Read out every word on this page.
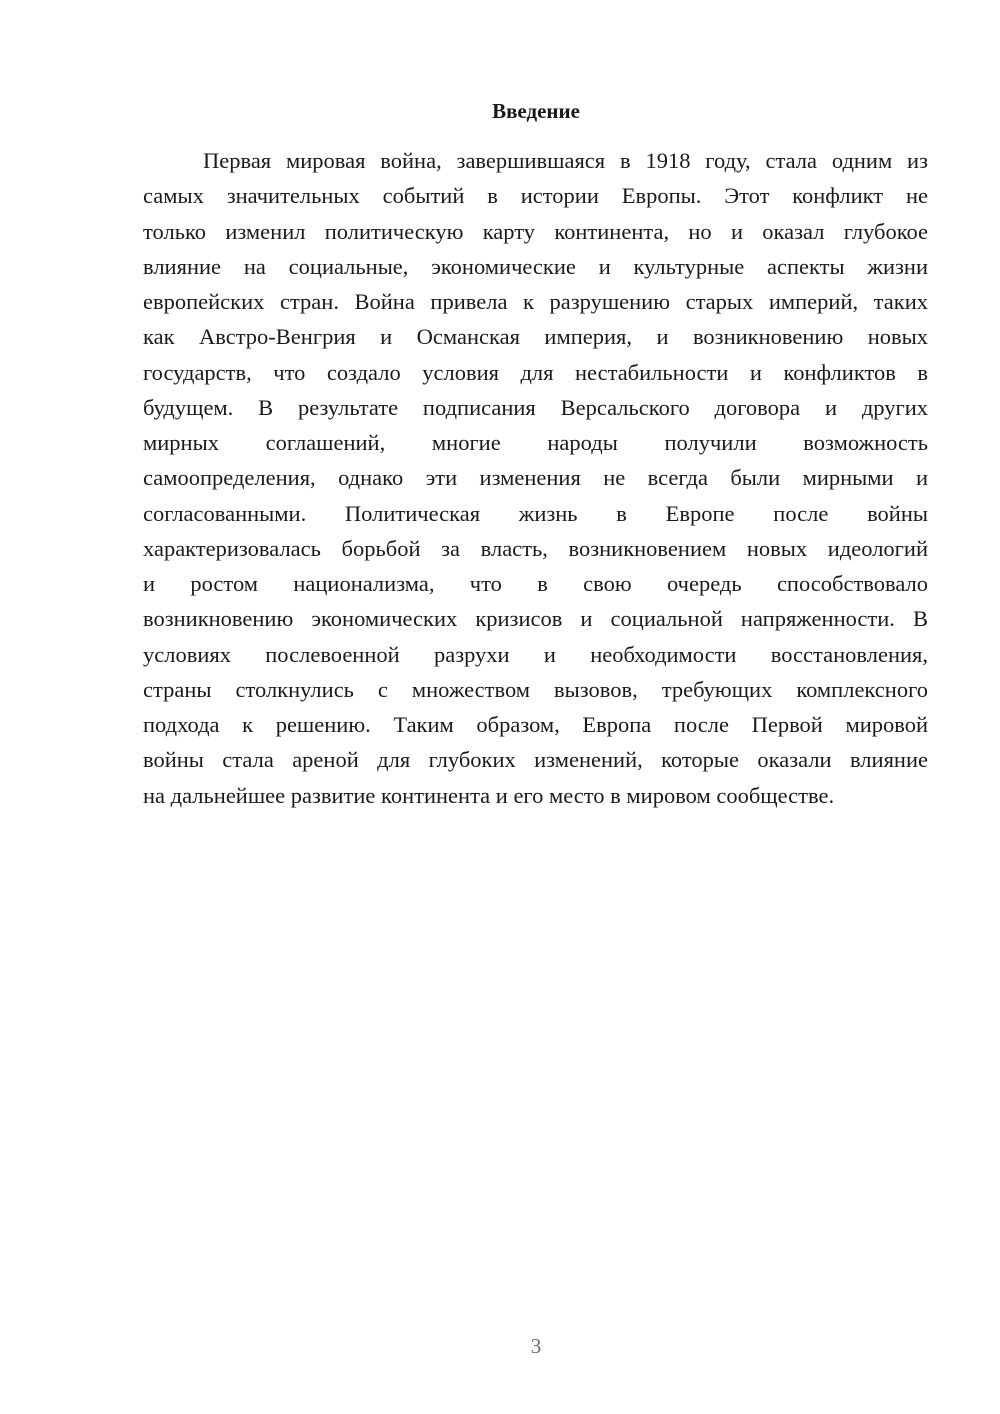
Введение
Первая мировая война, завершившаяся в 1918 году, стала одним из
самых значительных событий в истории Европы. Этот конфликт не
только изменил политическую карту континента, но и оказал глубокое
влияние на социальные, экономические и культурные аспекты жизни
европейских стран. Война привела к разрушению старых империй, таких
как Австро-Венгрия и Османская империя, и возникновению новых
государств, что создало условия для нестабильности и конфликтов в
будущем. В результате подписания Версальского договора и других
мирных соглашений, многие народы получили возможность
самоопределения, однако эти изменения не всегда были мирными и
согласованными. Политическая жизнь в Европе после войны
характеризовалась борьбой за власть, возникновением новых идеологий
и ростом национализма, что в свою очередь способствовало
возникновению экономических кризисов и социальной напряженности. В
условиях послевоенной разрухи и необходимости восстановления,
страны столкнулись с множеством вызовов, требующих комплексного
подхода к решению. Таким образом, Европа после Первой мировой
войны стала ареной для глубоких изменений, которые оказали влияние
на дальнейшее развитие континента и его место в мировом сообществе.
3
